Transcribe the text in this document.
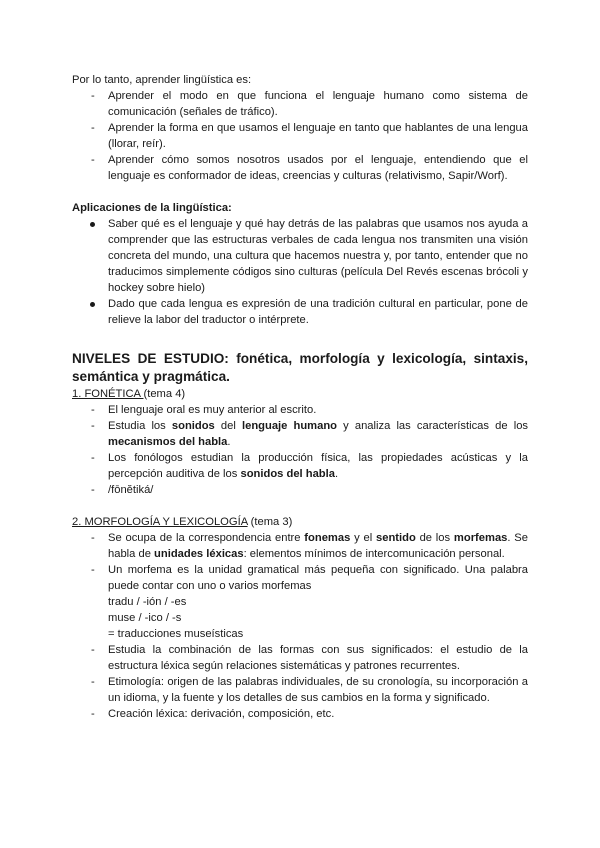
Por lo tanto, aprender lingüística es:

- Aprender el modo en que funciona el lenguaje humano como sistema de comunicación (señales de tráfico).
- Aprender la forma en que usamos el lenguaje en tanto que hablantes de una lengua (llorar, reír).
- Aprender cómo somos nosotros usados por el lenguaje, entendiendo que el lenguaje es conformador de ideas, creencias y culturas (relativismo, Sapir/Worf).

Aplicaciones de la lingüística:

Saber qué es el lenguaje y qué hay detrás de las palabras que usamos nos ayuda a comprender que las estructuras verbales de cada lengua nos transmiten una visión concreta del mundo, una cultura que hacemos nuestra y, por tanto, entender que no traducimos simplemente códigos sino culturas (película Del Revés escenas brócoli y hockey sobre hielo)
Dado que cada lengua es expresión de una tradición cultural en particular, pone de relieve la labor del traductor o intérprete.

NIVELES DE ESTUDIO: fonética, morfología y lexicología, sintaxis, semántica y pragmática.

1. FONÉTICA (tema 4)

- El lenguaje oral es muy anterior al escrito.
- Estudia los sonidos del lenguaje humano y analiza las características de los mecanismos del habla.
- Los fonólogos estudian la producción física, las propiedades acústicas y la percepción auditiva de los sonidos del habla.
- /fōnĕtiká/

2. MORFOLOGÍA Y LEXICOLOGÍA (tema 3)

- Se ocupa de la correspondencia entre fonemas y el sentido de los morfemas. Se habla de unidades léxicas: elementos mínimos de intercomunicación personal.
- Un morfema es la unidad gramatical más pequeña con significado. Una palabra puede contar con uno o varios morfemas
tradu / -ión / -es
muse / -ico / -s
= traducciones museísticas
- Estudia la combinación de las formas con sus significados: el estudio de la estructura léxica según relaciones sistemáticas y patrones recurrentes.
- Etimología: origen de las palabras individuales, de su cronología, su incorporación a un idioma, y la fuente y los detalles de sus cambios en la forma y significado.
- Creación léxica: derivación, composición, etc.
